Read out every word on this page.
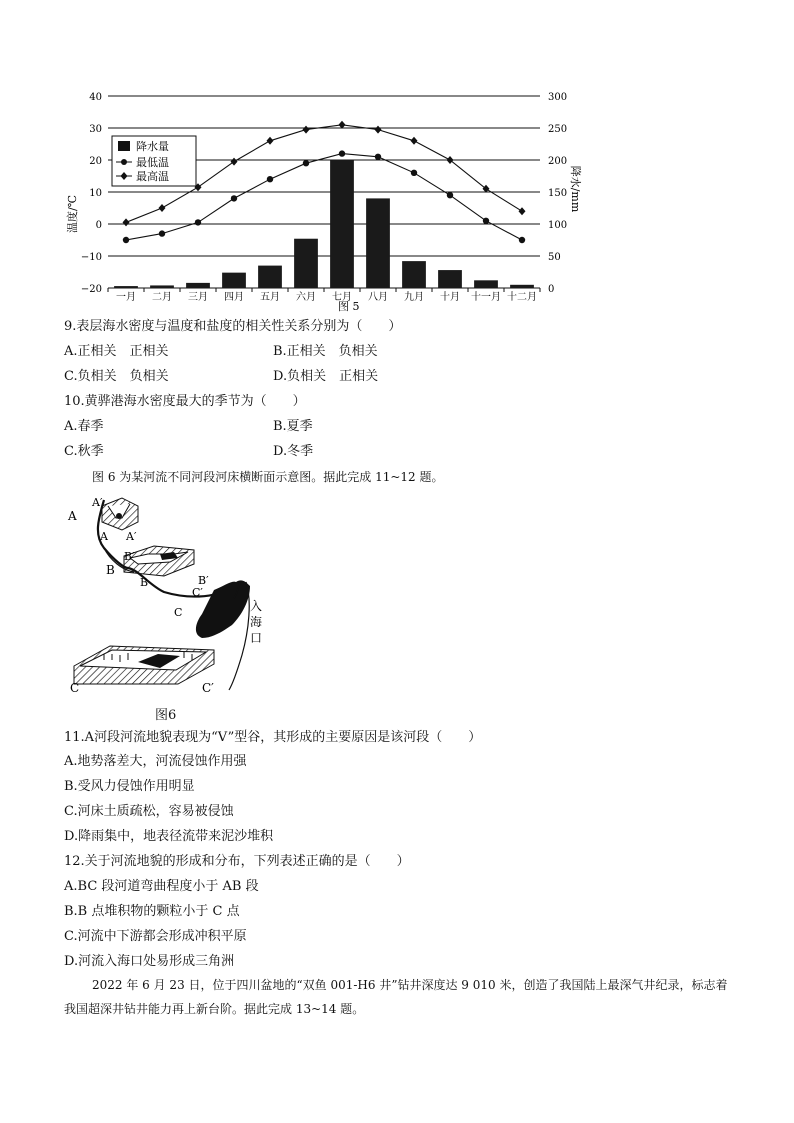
40
30
20
10
0
−10
−20
300
250
200
150
100
50
0
一月 二月 三月 四月 五月 六月 七月 八月 九月 十月 十一月 十二月
温度/℃
降水/mm
降水量
最低温
最高温
图 5
9.表层海水密度与温度和盐度的相关性关系分别为（　　）
A.正相关　正相关	B.正相关　负相关
C.负相关　负相关	D.负相关　正相关
10.黄骅港海水密度最大的季节为（　　）
A.春季	B.夏季
C.秋季	D.冬季
图 6 为某河流不同河段河床横断面示意图。据此完成 11~12 题。
A
A′
A A′
B′
B
B	B′
C′
C
C	C′
入
海
口
图6
11.A河段河流地貌表现为“V”型谷，其形成的主要原因是该河段（　　）
A.地势落差大，河流侵蚀作用强
B.受风力侵蚀作用明显
C.河床土质疏松，容易被侵蚀
D.降雨集中，地表径流带来泥沙堆积
12.关于河流地貌的形成和分布，下列表述正确的是（　　）
A.BC 段河道弯曲程度小于 AB 段
B.B 点堆积物的颗粒小于 C 点
C.河流中下游都会形成冲积平原
D.河流入海口处易形成三角洲
2022 年 6 月 23 日，位于四川盆地的“双鱼 001-H6 井”钻井深度达 9 010 米，创造了我国陆上最深气井纪录，标志着我国超深井钻井能力再上新台阶。据此完成 13~14 题。
